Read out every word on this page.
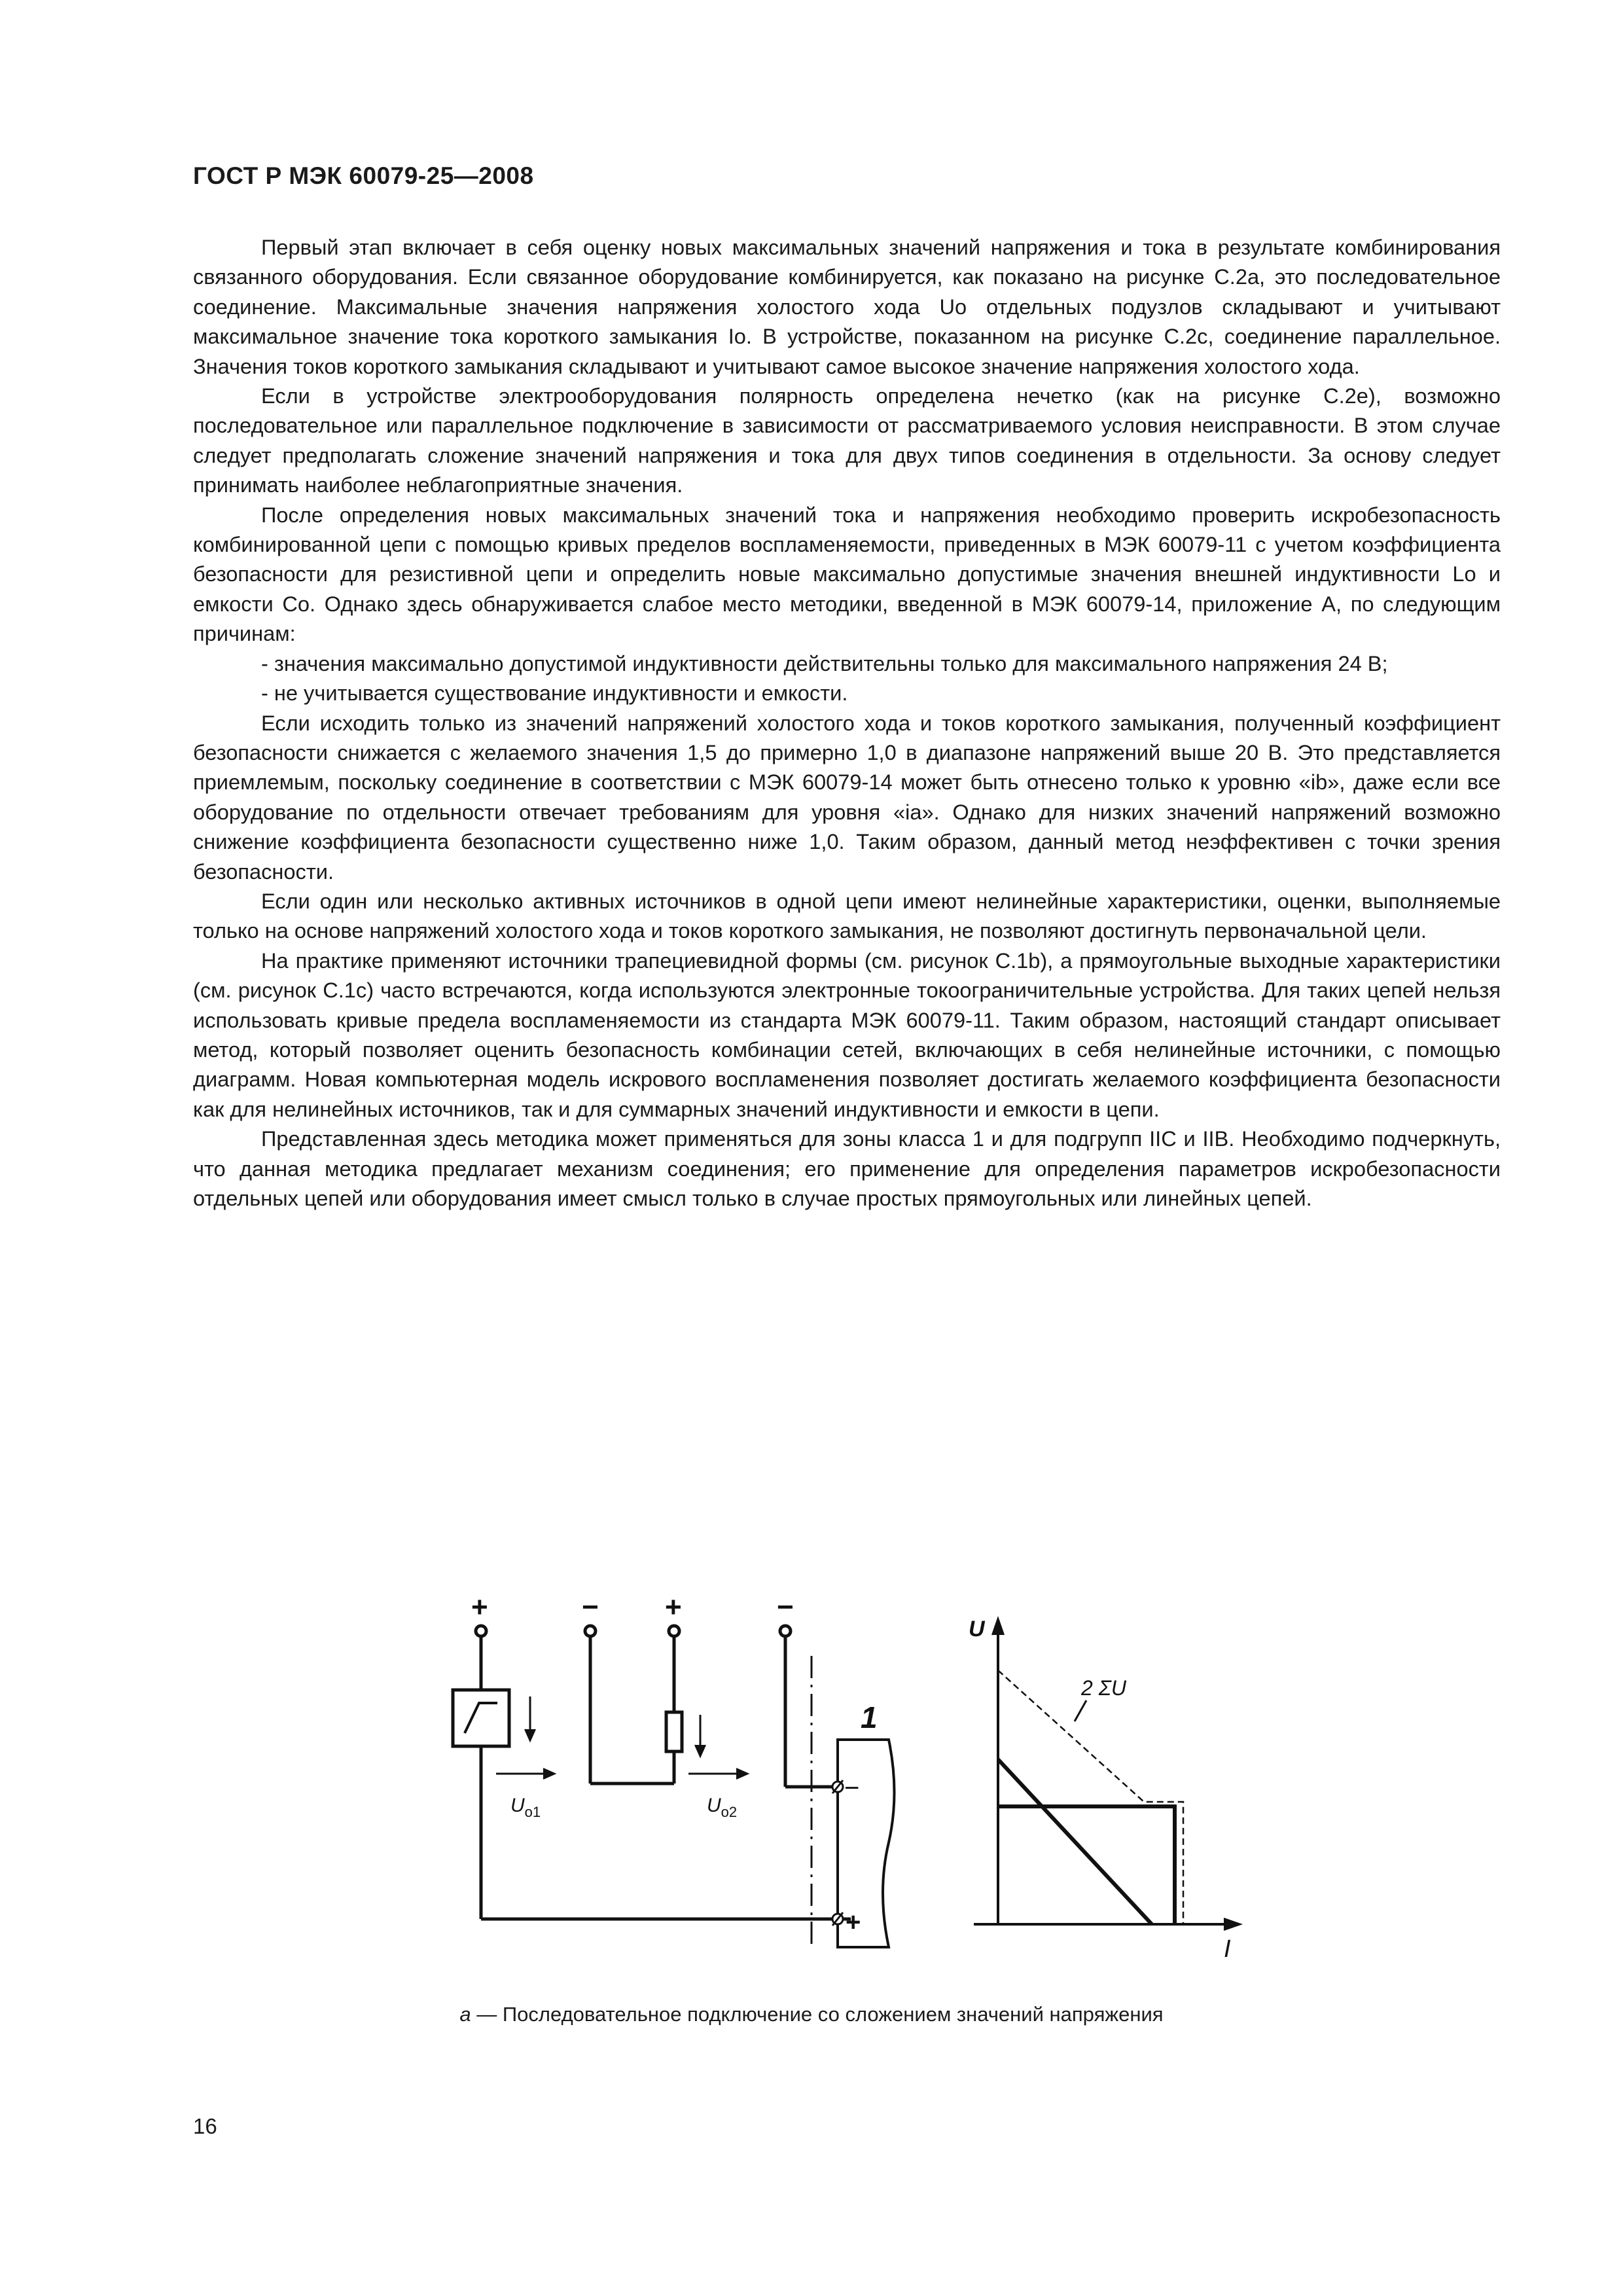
ГОСТ Р МЭК 60079-25—2008

Первый этап включает в себя оценку новых максимальных значений напряжения и тока в результате комбинирования связанного оборудования. Если связанное оборудование комбинируется, как показано на рисунке С.2а, это последовательное соединение. Максимальные значения напряжения холостого хода Uо отдельных подузлов складывают и учитывают максимальное значение тока короткого замыкания Iо. В устройстве, показанном на рисунке С.2с, соединение параллельное. Значения токов короткого замыкания складывают и учитывают самое высокое значение напряжения холостого хода.

Если в устройстве электрооборудования полярность определена нечетко (как на рисунке С.2е), возможно последовательное или параллельное подключение в зависимости от рассматриваемого условия неисправности. В этом случае следует предполагать сложение значений напряжения и тока для двух типов соединения в отдельности. За основу следует принимать наиболее неблагоприятные значения.

После определения новых максимальных значений тока и напряжения необходимо проверить искробезопасность комбинированной цепи с помощью кривых пределов воспламеняемости, приведенных в МЭК 60079-11 с учетом коэффициента безопасности для резистивной цепи и определить новые максимально допустимые значения внешней индуктивности Lо и емкости Cо. Однако здесь обнаруживается слабое место методики, введенной в МЭК 60079-14, приложение А, по следующим причинам:

- значения максимально допустимой индуктивности действительны только для максимального напряжения 24 В;

- не учитывается существование индуктивности и емкости.

Если исходить только из значений напряжений холостого хода и токов короткого замыкания, полученный коэффициент безопасности снижается с желаемого значения 1,5 до примерно 1,0 в диапазоне напряжений выше 20 В. Это представляется приемлемым, поскольку соединение в соответствии с МЭК 60079-14 может быть отнесено только к уровню «ib», даже если все оборудование по отдельности отвечает требованиям для уровня «ia». Однако для низких значений напряжений возможно снижение коэффициента безопасности существенно ниже 1,0. Таким образом, данный метод неэффективен с точки зрения безопасности.

Если один или несколько активных источников в одной цепи имеют нелинейные характеристики, оценки, выполняемые только на основе напряжений холостого хода и токов короткого замыкания, не позволяют достигнуть первоначальной цели.

На практике применяют источники трапециевидной формы (см. рисунок С.1b), а прямоугольные выходные характеристики (см. рисунок С.1с) часто встречаются, когда используются электронные токоограничительные устройства. Для таких цепей нельзя использовать кривые предела воспламеняемости из стандарта МЭК 60079-11. Таким образом, настоящий стандарт описывает метод, который позволяет оценить безопасность комбинации сетей, включающих в себя нелинейные источники, с помощью диаграмм. Новая компьютерная модель искрового воспламенения позволяет достигать желаемого коэффициента безопасности как для нелинейных источников, так и для суммарных значений индуктивности и емкости в цепи.

Представленная здесь методика может применяться для зоны класса 1 и для подгрупп IIC и IIB. Необходимо подчеркнуть, что данная методика предлагает механизм соединения; его применение для определения параметров искробезопасности отдельных цепей или оборудования имеет смысл только в случае простых прямоугольных или линейных цепей.

+	− +	−
−
+
1
$U_{o1}$	$U_{o2}$
U
I
2 ΣU
а — Последовательное подключение со сложением значений напряжения
16
